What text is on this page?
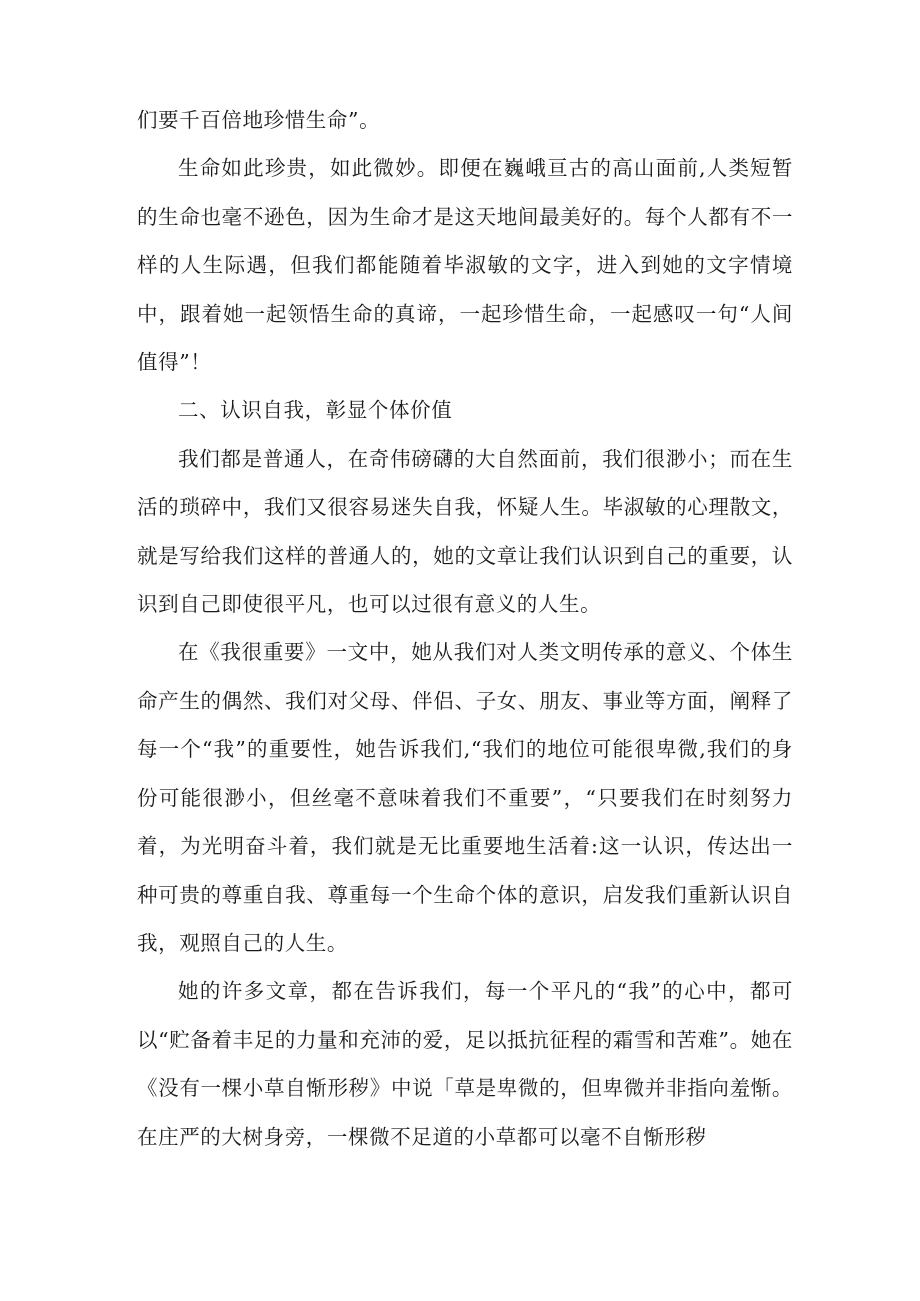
们要千百倍地珍惜生命”。

生命如此珍贵，如此微妙。即便在巍峨亘古的高山面前,人类短暂的生命也毫不逊色，因为生命才是这天地间最美好的。每个人都有不一样的人生际遇，但我们都能随着毕淑敏的文字，进入到她的文字情境中，跟着她一起领悟生命的真谛，一起珍惜生命，一起感叹一句“人间值得”！

二、认识自我，彰显个体价值

我们都是普通人，在奇伟磅礴的大自然面前，我们很渺小；而在生活的琐碎中，我们又很容易迷失自我，怀疑人生。毕淑敏的心理散文，就是写给我们这样的普通人的，她的文章让我们认识到自己的重要，认识到自己即使很平凡，也可以过很有意义的人生。

在《我很重要》一文中，她从我们对人类文明传承的意义、个体生命产生的偶然、我们对父母、伴侣、子女、朋友、事业等方面，阐释了每一个“我”的重要性，她告诉我们,“我们的地位可能很卑微,我们的身份可能很渺小，但丝毫不意味着我们不重要”，“只要我们在时刻努力着，为光明奋斗着，我们就是无比重要地生活着:这一认识，传达出一种可贵的尊重自我、尊重每一个生命个体的意识，启发我们重新认识自我，观照自己的人生。

她的许多文章，都在告诉我们，每一个平凡的“我”的心中，都可以“贮备着丰足的力量和充沛的爱，足以抵抗征程的霜雪和苦难”。她在《没有一棵小草自惭形秽》中说「草是卑微的，但卑微并非指向羞惭。在庄严的大树身旁，一棵微不足道的小草都可以毫不自惭形秽
